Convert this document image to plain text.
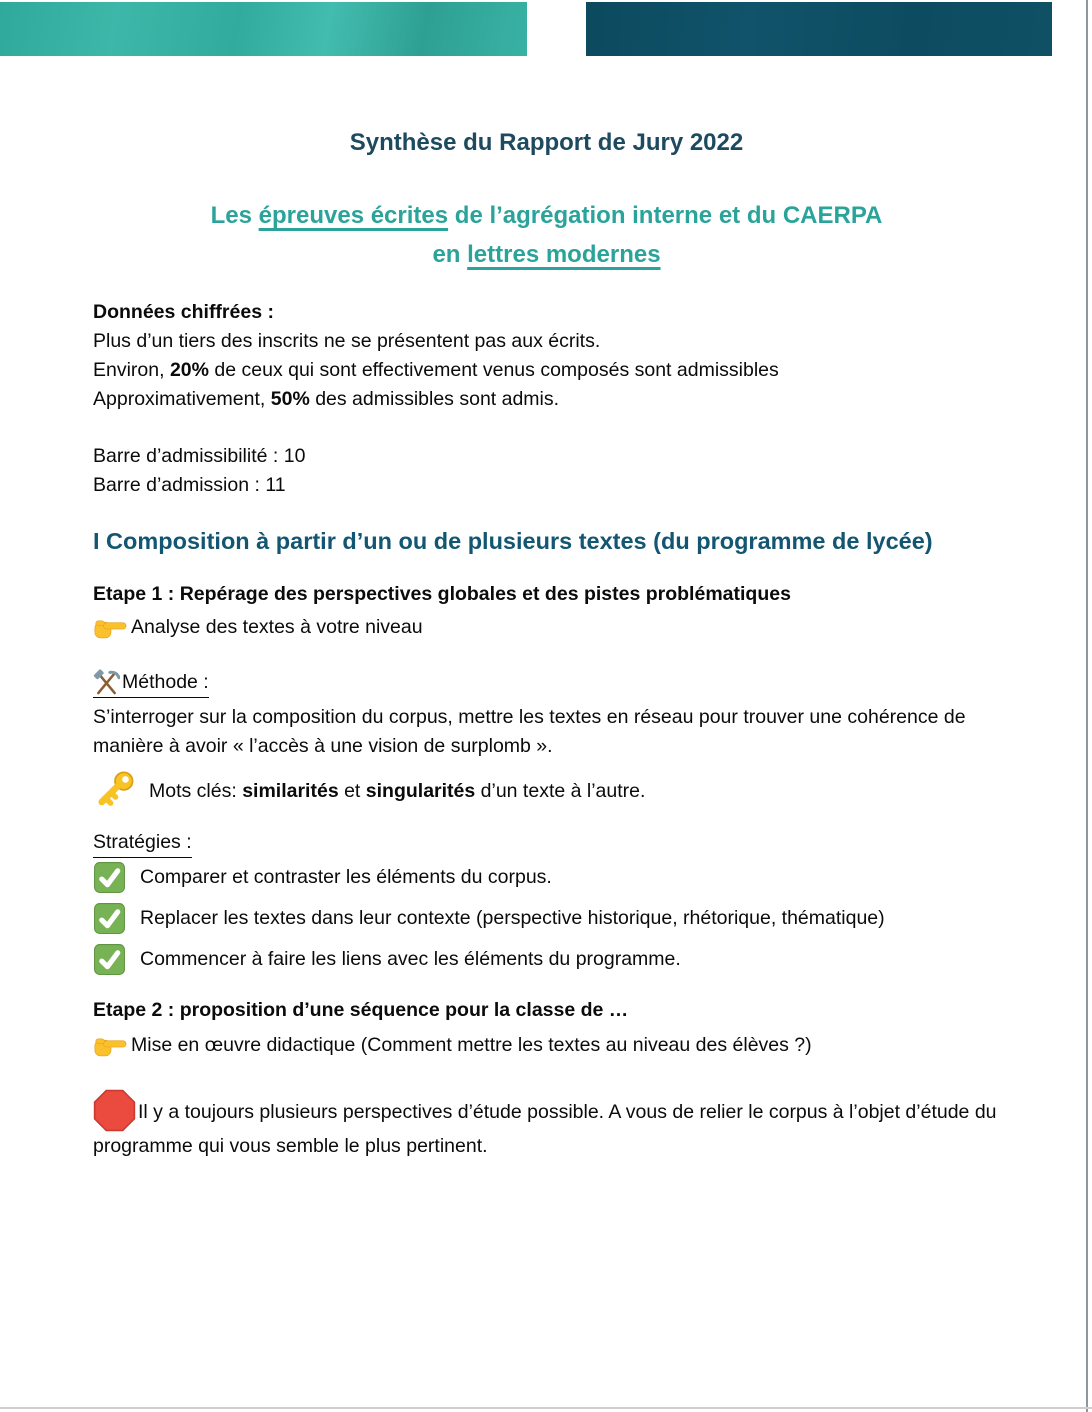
Synthèse du Rapport de Jury 2022
Les épreuves écrites de l’agrégation interne et du CAERPA
en lettres modernes
Données chiffrées :
Plus d’un tiers des inscrits ne se présentent pas aux écrits.
Environ, 20% de ceux qui sont effectivement venus composés sont admissibles
Approximativement, 50% des admissibles sont admis.
Barre d’admissibilité : 10
Barre d’admission : 11
I Composition à partir d’un ou de plusieurs textes (du programme de lycée)
Etape 1 : Repérage des perspectives globales et des pistes problématiques
Analyse des textes à votre niveau
Méthode :
S’interroger sur la composition du corpus, mettre les textes en réseau pour trouver une cohérence de manière à avoir « l’accès à une vision de surplomb ».
Mots clés: similarités et singularités d’un texte à l’autre.
Stratégies :
Comparer et contraster les éléments du corpus.
Replacer les textes dans leur contexte (perspective historique, rhétorique, thématique)
Commencer à faire les liens avec les éléments du programme.
Etape 2 : proposition d’une séquence pour la classe de …
Mise en œuvre didactique (Comment mettre les textes au niveau des élèves ?)

Il y a toujours plusieurs perspectives d’étude possible. A vous de relier le corpus à l’objet d’étude du programme qui vous semble le plus pertinent.
